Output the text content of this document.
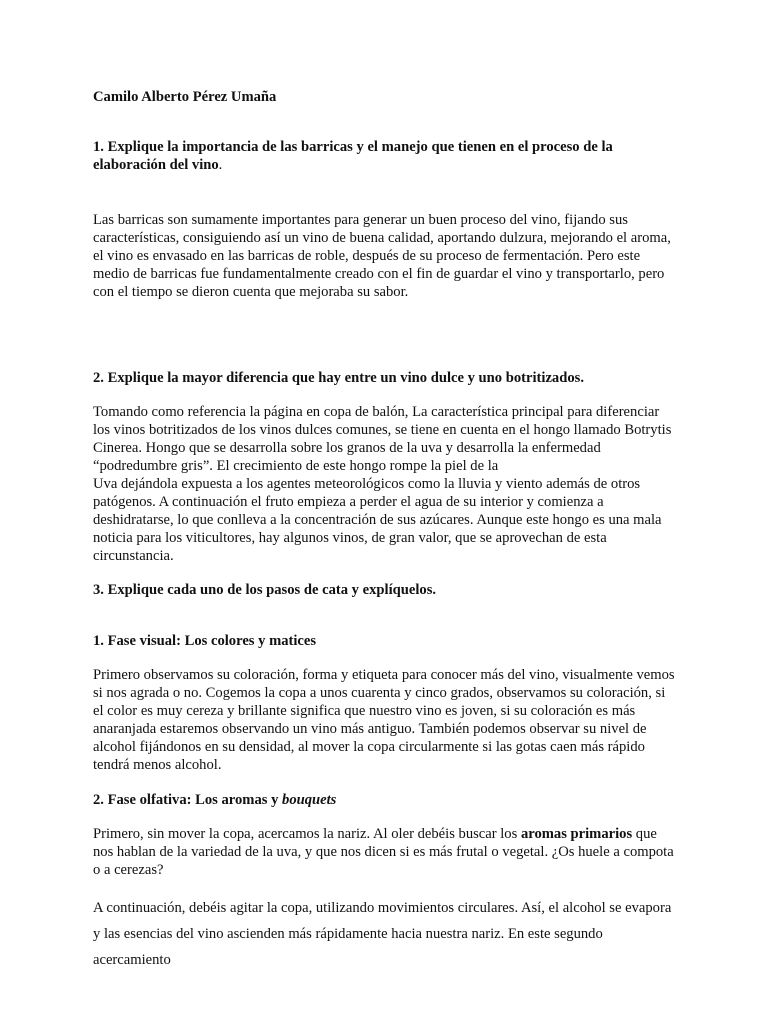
Camilo Alberto Pérez Umaña

1. Explique la importancia de las barricas y el manejo que tienen en el proceso de la elaboración del vino.

Las barricas son sumamente importantes para generar un buen proceso del vino, fijando sus características, consiguiendo así un vino de buena calidad, aportando dulzura, mejorando el aroma, el vino es envasado en las barricas de roble, después de su proceso de fermentación. Pero este medio de barricas fue fundamentalmente creado con el fin de guardar el vino y transportarlo, pero con el tiempo se dieron cuenta que mejoraba su sabor.

2. Explique la mayor diferencia que hay entre un vino dulce y uno botritizados.

Tomando como referencia la página en copa de balón, La característica principal para diferenciar los vinos botritizados de los vinos dulces comunes, se tiene en cuenta en el hongo llamado Botrytis Cinerea. Hongo que se desarrolla sobre los granos de la uva y desarrolla la enfermedad “podredumbre gris”. El crecimiento de este hongo rompe la piel de la

Uva dejándola expuesta a los agentes meteorológicos como la lluvia y viento además de otros patógenos. A continuación el fruto empieza a perder el agua de su interior y comienza a deshidratarse, lo que conlleva a la concentración de sus azúcares. Aunque este hongo es una mala noticia para los viticultores, hay algunos vinos, de gran valor, que se aprovechan de esta circunstancia.

3. Explique cada uno de los pasos de cata y explíquelos.

1. Fase visual: Los colores y matices

Primero observamos su coloración, forma y etiqueta para conocer más del vino, visualmente vemos si nos agrada o no. Cogemos la copa a unos cuarenta y cinco grados, observamos su coloración, si el color es muy cereza y brillante significa que nuestro vino es joven, si su coloración es más anaranjada estaremos observando un vino más antiguo. También podemos observar su nivel de alcohol fijándonos en su densidad, al mover la copa circularmente si las gotas caen más rápido tendrá menos alcohol.

2. Fase olfativa: Los aromas y bouquets

Primero, sin mover la copa, acercamos la nariz. Al oler debéis buscar los aromas primarios que nos hablan de la variedad de la uva, y que nos dicen si es más frutal o vegetal. ¿Os huele a compota o a cerezas?

A continuación, debéis agitar la copa, utilizando movimientos circulares. Así, el alcohol se evapora y las esencias del vino ascienden más rápidamente hacia nuestra nariz. En este segundo acercamiento
